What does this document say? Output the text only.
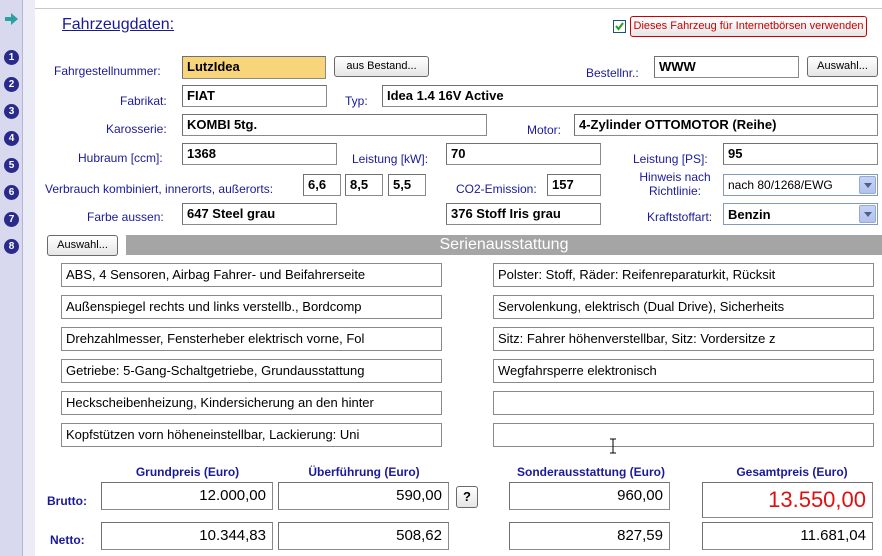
1
2
3
4
5
6
7
8
Fahrzeugdaten:	Dieses Fahrzeug für Internetbörsen verwenden
Fahrgestellnummer:	LutzIdea	aus Bestand...	Bestellnr.:	WWW	Auswahl...
Fabrikat:	FIAT	Typ:	Idea 1.4 16V Active
Karosserie:	KOMBI 5tg.	Motor:	4-Zylinder OTTOMOTOR (Reihe)
Hubraum [ccm]:	1368	Leistung [kW]:	70	Leistung [PS]:	95
Verbrauch kombiniert, innerorts, außerorts:	6,6	8,5	5,5	CO2-Emission:	157	Hinweis nach Richtlinie:	nach 80/1268/EWG
Farbe aussen:	647 Steel grau	376 Stoff Iris grau	Kraftstoffart:	Benzin
Auswahl...	Serienausstattung
ABS, 4 Sensoren, Airbag Fahrer- und Beifahrerseite
Außenspiegel rechts und links verstellb., Bordcomp
Drehzahlmesser, Fensterheber elektrisch vorne, Fol
Getriebe: 5-Gang-Schaltgetriebe, Grundausstattung
Heckscheibenheizung, Kindersicherung an den hinter
Kopfstützen vorn höheneinstellbar, Lackierung: Uni
Polster: Stoff, Räder: Reifenreparaturkit, Rücksit
Servolenkung, elektrisch (Dual Drive), Sicherheits
Sitz: Fahrer höhenverstellbar, Sitz: Vordersitze z
Wegfahrsperre elektronisch
Grundpreis (Euro)	Überführung (Euro)	Sonderausstattung (Euro)	Gesamtpreis (Euro)
Brutto:	12.000,00	590,00	?	960,00	13.550,00
Netto:	10.344,83	508,62	827,59	11.681,04
